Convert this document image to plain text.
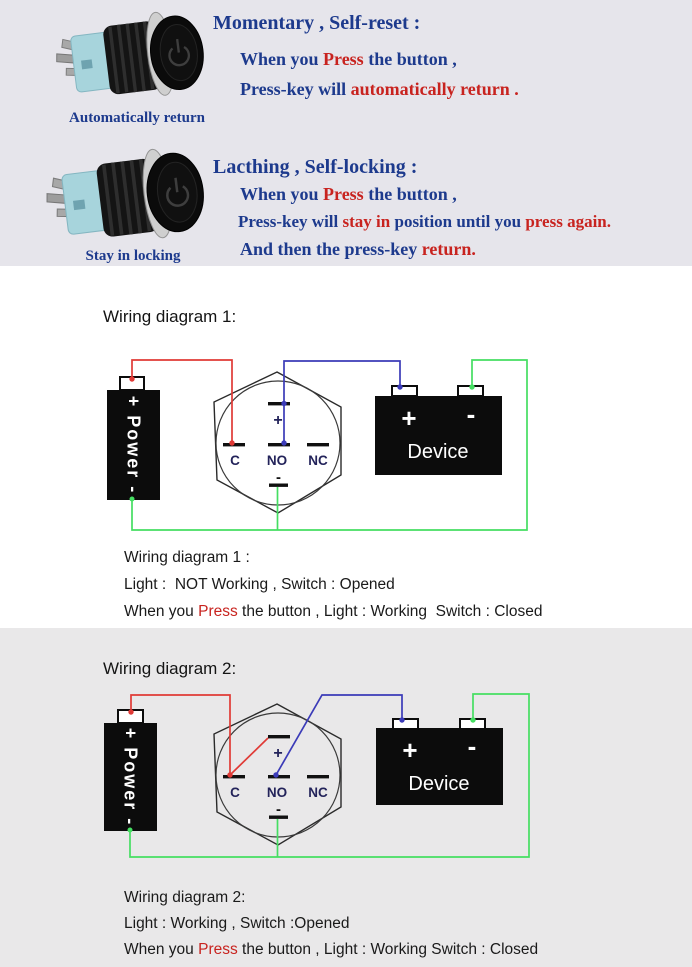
Automatically return
Momentary , Self-reset :
When you Press the button ,
Press-key will automatically return .
Stay in locking
Lacthing , Self-locking :
When you Press the button ,
Press-key will stay in position until you press again.
And then the press-key return.
Wiring diagram 1:
+ Power -	+ -
Device
C NO NC
+
-
Wiring diagram 1 :
Light :  NOT Working , Switch : Opened
When you Press the button , Light : Working  Switch : Closed
Wiring diagram 2:
+ Power -	+ -
Device
C NO NC
+
-
Wiring diagram 2:
Light : Working , Switch :Opened
When you Press the button , Light : Working Switch : Closed
